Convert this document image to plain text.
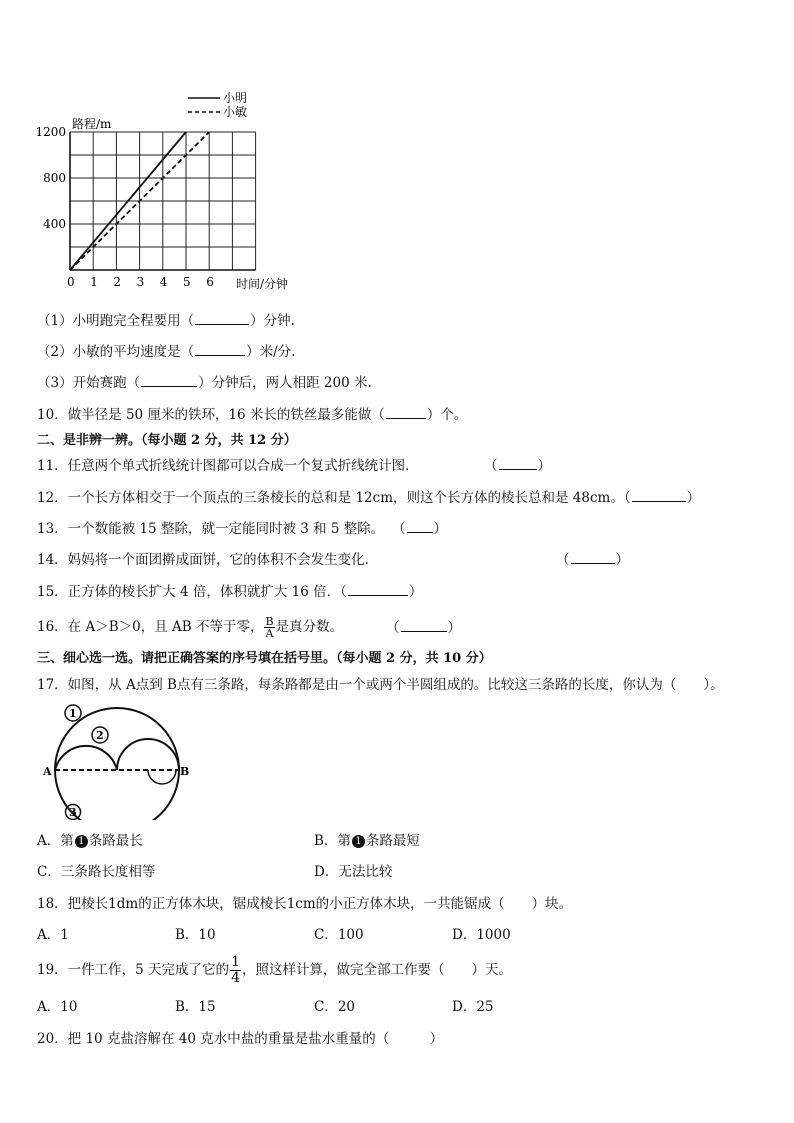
0 1 2 3 4 5 6
400
800
1200
小明
小敏
路程/m
时间/分钟
（1）小明跑完全程要用（	）分钟.
（2）小敏的平均速度是（	）米/分.
（3）开始赛跑（	）分钟后，两人相距 200 米.
10．做半径是 50 厘米的铁环，16 米长的铁丝最多能做（	）个。
二、是非辨一辨。（每小题 2 分，共 12 分）
11．任意两个单式折线统计图都可以合成一个复式折线统计图．	（	）
12．一个长方体相交于一个顶点的三条棱长的总和是 12cm，则这个长方体的棱长总和是 48cm。（	）
13．一个数能被 15 整除，就一定能同时被 3 和 5 整除。 （ ）
14．妈妈将一个面团擀成面饼，它的体积不会发生变化.	（	）
15．正方体的棱长扩大 4 倍，体积就扩大 16 倍．（	）
16．在 A＞B＞0，且 AB 不等于零， $\frac{B}{A}$ 是真分数。	（	）
三、细心选一选。请把正确答案的序号填在括号里。（每小题 2 分，共 10 分）
17．如图，从 A点到 B点有三条路，每条路都是由一个或两个半圆组成的。比较这三条路的长度，你认为（　　）。
A	B
1
2
3
A．第 1 条路最长	B．第 1 条路最短
C．三条路长度相等	D．无法比较
18．把棱长1dm的正方体木块，锯成棱长1cm的小正方体木块，一共能锯成（　　）块。
A．1	B．10	C．100	D．1000
19．一件工作，5 天完成了它的 $\frac{1}{4}$ ，照这样计算，做完全部工作要（　　）天。
A．10	B．15	C．20	D．25
20．把 10 克盐溶解在 40 克水中盐的重量是盐水重量的（　　　）
